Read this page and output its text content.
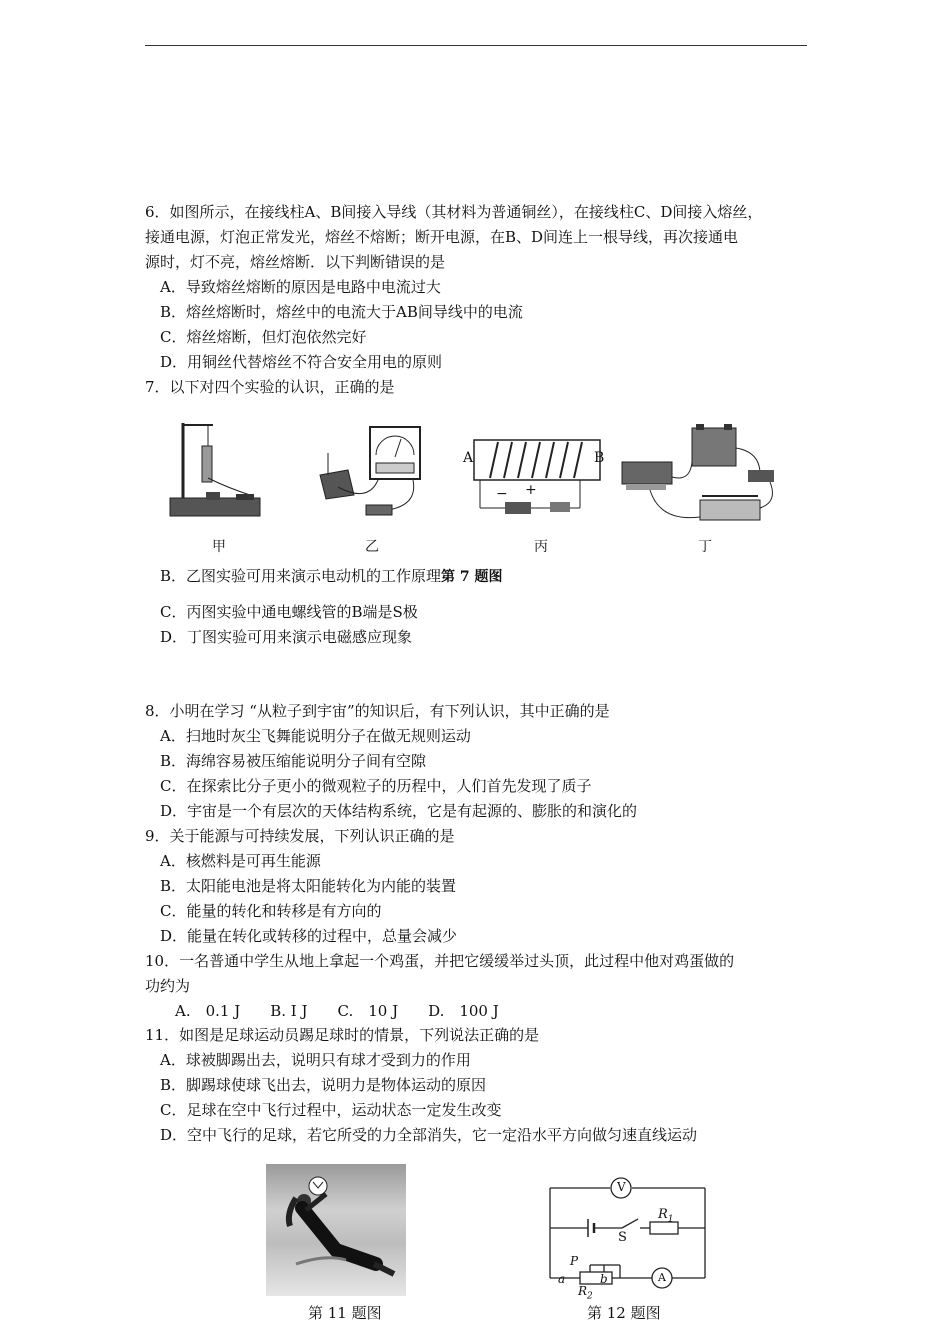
6．如图所示，在接线柱A、B间接入导线（其材料为普通铜丝），在接线柱C、D间接入熔丝，
接通电源，灯泡正常发光，熔丝不熔断；断开电源，在B、D间连上一根导线，再次接通电
源时，灯不亮，熔丝熔断．以下判断错误的是
A．导致熔丝熔断的原因是电路中电流过大
B．熔丝熔断时，熔丝中的电流大于AB间导线中的电流
C．熔丝熔断，但灯泡依然完好
D．用铜丝代替熔丝不符合安全用电的原则
7．以下对四个实验的认识，正确的是
甲	乙
A	B
− +
丙	丁
第 7 题图
B．乙图实验可用来演示电动机的工作原理
C．丙图实验中通电螺线管的B端是S极
D．丁图实验可用来演示电磁感应现象
8．小明在学习 “从粒子到宇宙”的知识后，有下列认识，其中正确的是
A．扫地时灰尘飞舞能说明分子在做无规则运动
B．海绵容易被压缩能说明分子间有空隙
C．在探索比分子更小的微观粒子的历程中，人们首先发现了质子
D．宇宙是一个有层次的天体结构系统，它是有起源的、膨胀的和演化的
9．关于能源与可持续发展，下列认识正确的是
A．核燃料是可再生能源
B．太阳能电池是将太阳能转化为内能的装置
C．能量的转化和转移是有方向的
D．能量在转化或转移的过程中，总量会减少
10．一名普通中学生从地上拿起一个鸡蛋，并把它缓缓举过头顶，此过程中他对鸡蛋做的
功约为
A.　0.1 J　　B. I J　　C.　10 J　　D.　100 J
11．如图是足球运动员踢足球时的情景，下列说法正确的是
A．球被脚踢出去，说明只有球才受到力的作用
B．脚踢球使球飞出去，说明力是物体运动的原因
C．足球在空中飞行过程中，运动状态一定发生改变
D．空中飞行的足球，若它所受的力全部消失，它一定沿水平方向做匀速直线运动
第 11 题图
V
$R_1$
S
P
a	b
$R_2$
A
第 12 题图
